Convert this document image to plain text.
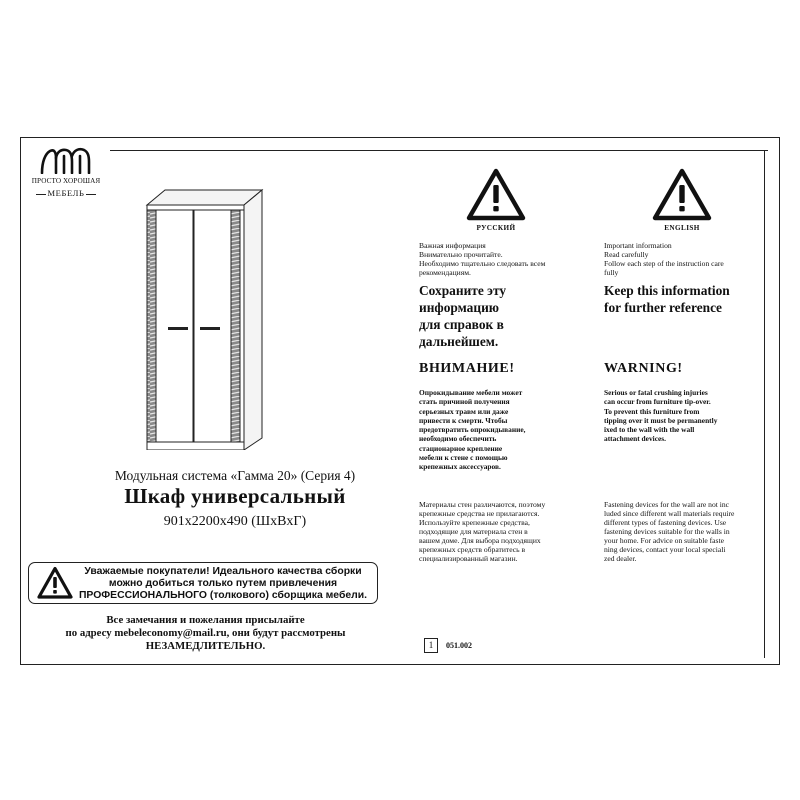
ПРОСТО ХОРОШАЯ
МЕБЕЛЬ
Модульная система «Гамма 20» (Серия 4)
Шкаф универсальный
901x2200x490 (ШxВxГ)
Уважаемые покупатели! Идеального качества сборки
можно добиться только путем привлечения
ПРОФЕССИОНАЛЬНОГО (толкового) сборщика мебели.
Все замечания и пожелания присылайте
по адресу mebeleconomy@mail.ru, они будут рассмотрены
НЕЗАМЕДЛИТЕЛЬНО.
РУССКИЙ
Важная информация
Внимательно прочитайте.
Необходимо тщательно следовать всем
рекомендациям.
Сохраните эту
информацию
для справок в
дальнейшем.
ВНИМАНИЕ!
Опрокидывание мебели может
стать причиной получения
серьезных травм или даже
привести к смерти. Чтобы
предотвратить опрокидывание,
необходимо обеспечить
стационарное крепление
мебели к стене с помощью
крепежных аксессуаров.
Материалы стен различаются, поэтому
крепежные средства не прилагаются.
Используйте крепежные средства,
подходящие для материала стен в
вашем доме. Для выбора подходящих
крепежных средств обратитесь в
специализированный магазин.
ENGLISH
Important information
Read carefully
Follow each step of the instruction care
fully
Keep this information
for further reference
WARNING!
Serious or fatal crushing injuries
can occur from furniture tip-over.
To prevent this furniture from
tipping over it must be permanently
ixed to the wall with the wall
attachment devices.
Fastening devices for the wall are not inc
luded since different wall materials require
different types of fastening devices. Use
fastening devices suitable for the walls in
your home. For advice on suitable faste
ning devices, contact your local speciali
zed dealer.
1	051.002
